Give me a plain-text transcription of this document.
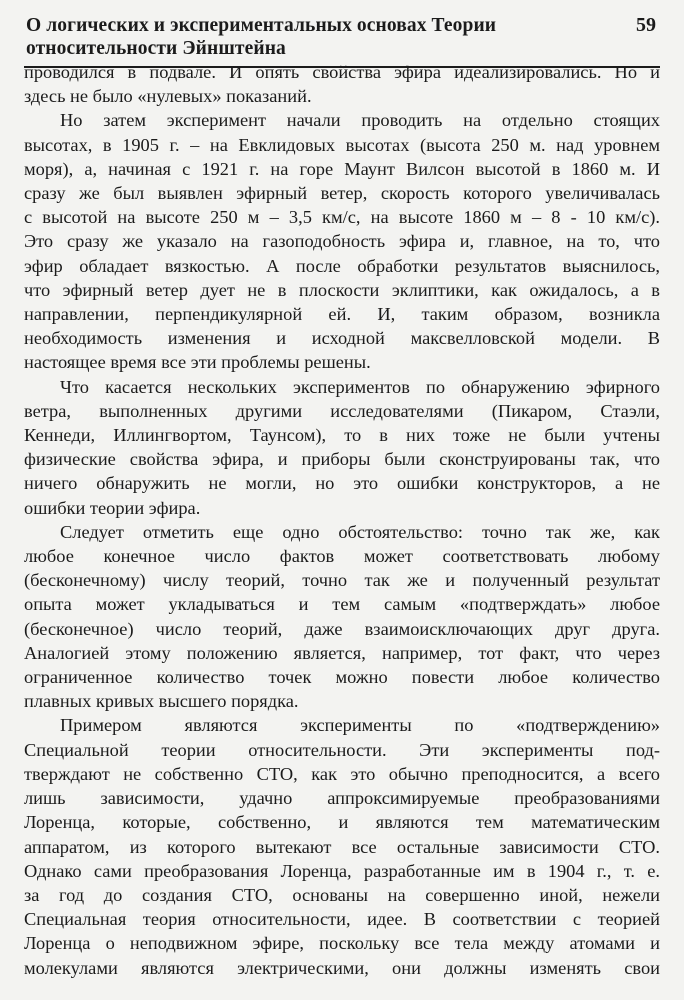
О логических и экспериментальных основах Теории
относительности Эйнштейна
59

проводился в подвале. И опять свойства эфира идеализировались. Но и
здесь не было «нулевых» показаний.

Но затем эксперимент начали проводить на отдельно стоящих
высотах, в 1905 г. – на Евклидовых высотах (высота 250 м. над уровнем
моря), а, начиная с 1921 г. на горе Маунт Вилсон высотой в 1860 м. И
сразу же был выявлен эфирный ветер, скорость которого увеличивалась
с высотой на высоте 250 м – 3,5 км/с, на высоте 1860 м – 8 - 10 км/с).
Это сразу же указало на газоподобность эфира и, главное, на то, что
эфир обладает вязкостью. А после обработки результатов выяснилось,
что эфирный ветер дует не в плоскости эклиптики, как ожидалось, а в
направлении, перпендикулярной ей. И, таким образом, возникла
необходимость изменения и исходной максвелловской модели. В
настоящее время все эти проблемы решены.

Что касается нескольких экспериментов по обнаружению эфирного
ветра, выполненных другими исследователями (Пикаром, Стаэли,
Кеннеди, Иллингвортом, Таунсом), то в них тоже не были учтены
физические свойства эфира, и приборы были сконструированы так, что
ничего обнаружить не могли, но это ошибки конструкторов, а не
ошибки теории эфира.

Следует отметить еще одно обстоятельство: точно так же, как
любое конечное число фактов может соответствовать любому
(бесконечному) числу теорий, точно так же и полученный результат
опыта может укладываться и тем самым «подтверждать» любое
(бесконечное) число теорий, даже взаимоисключающих друг друга.
Аналогией этому положению является, например, тот факт, что через
ограниченное количество точек можно повести любое количество
плавных кривых высшего порядка.

Примером являются эксперименты по «подтверждению»
Специальной теории относительности. Эти эксперименты под-
тверждают не собственно СТО, как это обычно преподносится, а всего
лишь зависимости, удачно аппроксимируемые преобразованиями
Лоренца, которые, собственно, и являются тем математическим
аппаратом, из которого вытекают все остальные зависимости СТО.
Однако сами преобразования Лоренца, разработанные им в 1904 г., т. е.
за год до создания СТО, основаны на совершенно иной, нежели
Специальная теория относительности, идее. В соответствии с теорией
Лоренца о неподвижном эфире, поскольку все тела между атомами и
молекулами являются электрическими, они должны изменять свои
